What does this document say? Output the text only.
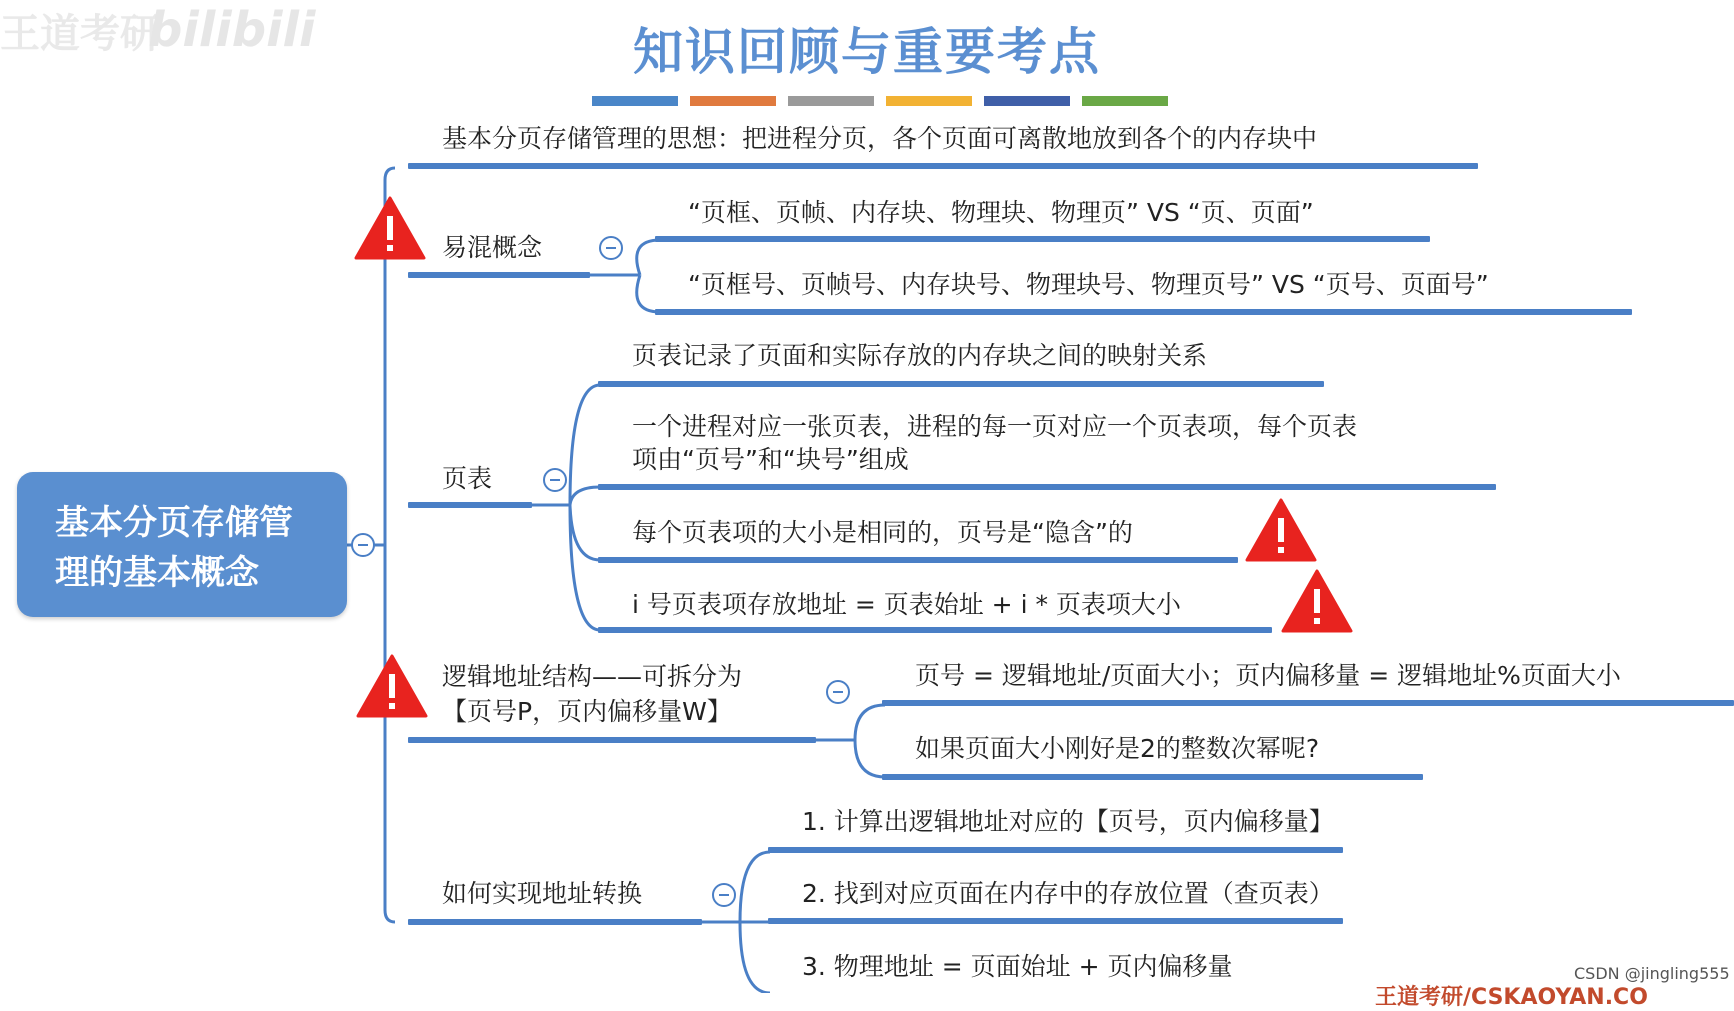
王道考研
bilibili	知识回顾与重要考点
基本分页存储管
理的基本概念
基本分页存储管理的思想：把进程分页，各个页面可离散地放到各个的内存块中
易混概念
“页框、页帧、内存块、物理块、物理页” VS “页、页面”
“页框号、页帧号、内存块号、物理块号、物理页号” VS “页号、页面号”
页表
页表记录了页面和实际存放的内存块之间的映射关系
一个进程对应一张页表，进程的每一页对应一个页表项，每个页表
项由“页号”和“块号”组成
每个页表项的大小是相同的，页号是“隐含”的
i 号页表项存放地址 = 页表始址 + i * 页表项大小
逻辑地址结构——可拆分为
【页号P，页内偏移量W】
页号 = 逻辑地址/页面大小；页内偏移量 = 逻辑地址%页面大小
如果页面大小刚好是2的整数次幂呢?
如何实现地址转换
1. 计算出逻辑地址对应的【页号，页内偏移量】
2. 找到对应页面在内存中的存放位置（查页表）
3. 物理地址 = 页面始址 + 页内偏移量
王道考研/CSKAOYAN.CO
CSDN @jingling555
